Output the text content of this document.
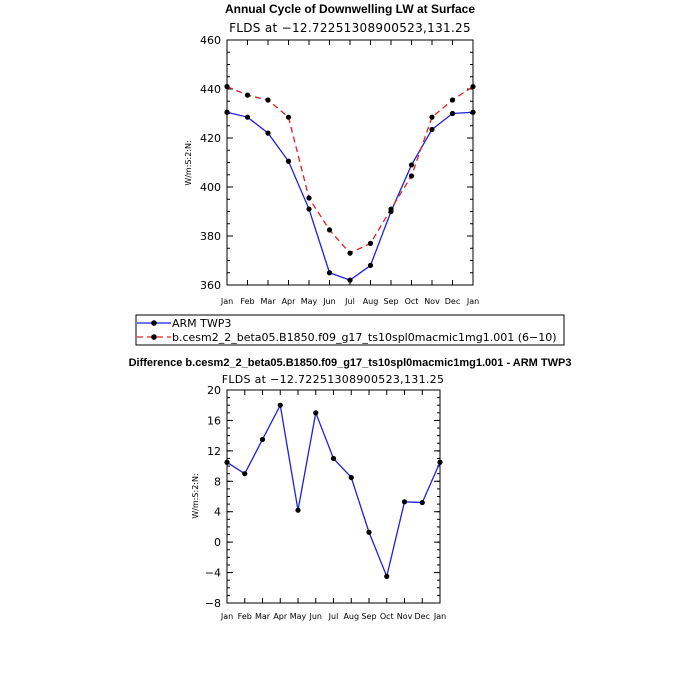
Annual Cycle of Downwelling LW at Surface
FLDS at −12.72251308900523,131.25
W/m:S:2:N:
Jan Feb Mar Apr May Jun Jul Aug Sep Oct Nov Dec Jan
360
380
400
420
440
460
ARM TWP3
b.cesm2_2_beta05.B1850.f09_g17_ts10spl0macmic1mg1.001 (6−10)
Difference b.cesm2_2_beta05.B1850.f09_g17_ts10spl0macmic1mg1.001 - ARM TWP3
FLDS at −12.72251308900523,131.25
W/m:S:2:N:
Jan Feb Mar Apr May Jun Jul Aug Sep Oct Nov Dec Jan
−8
−4
0
4
8
12
16
20
